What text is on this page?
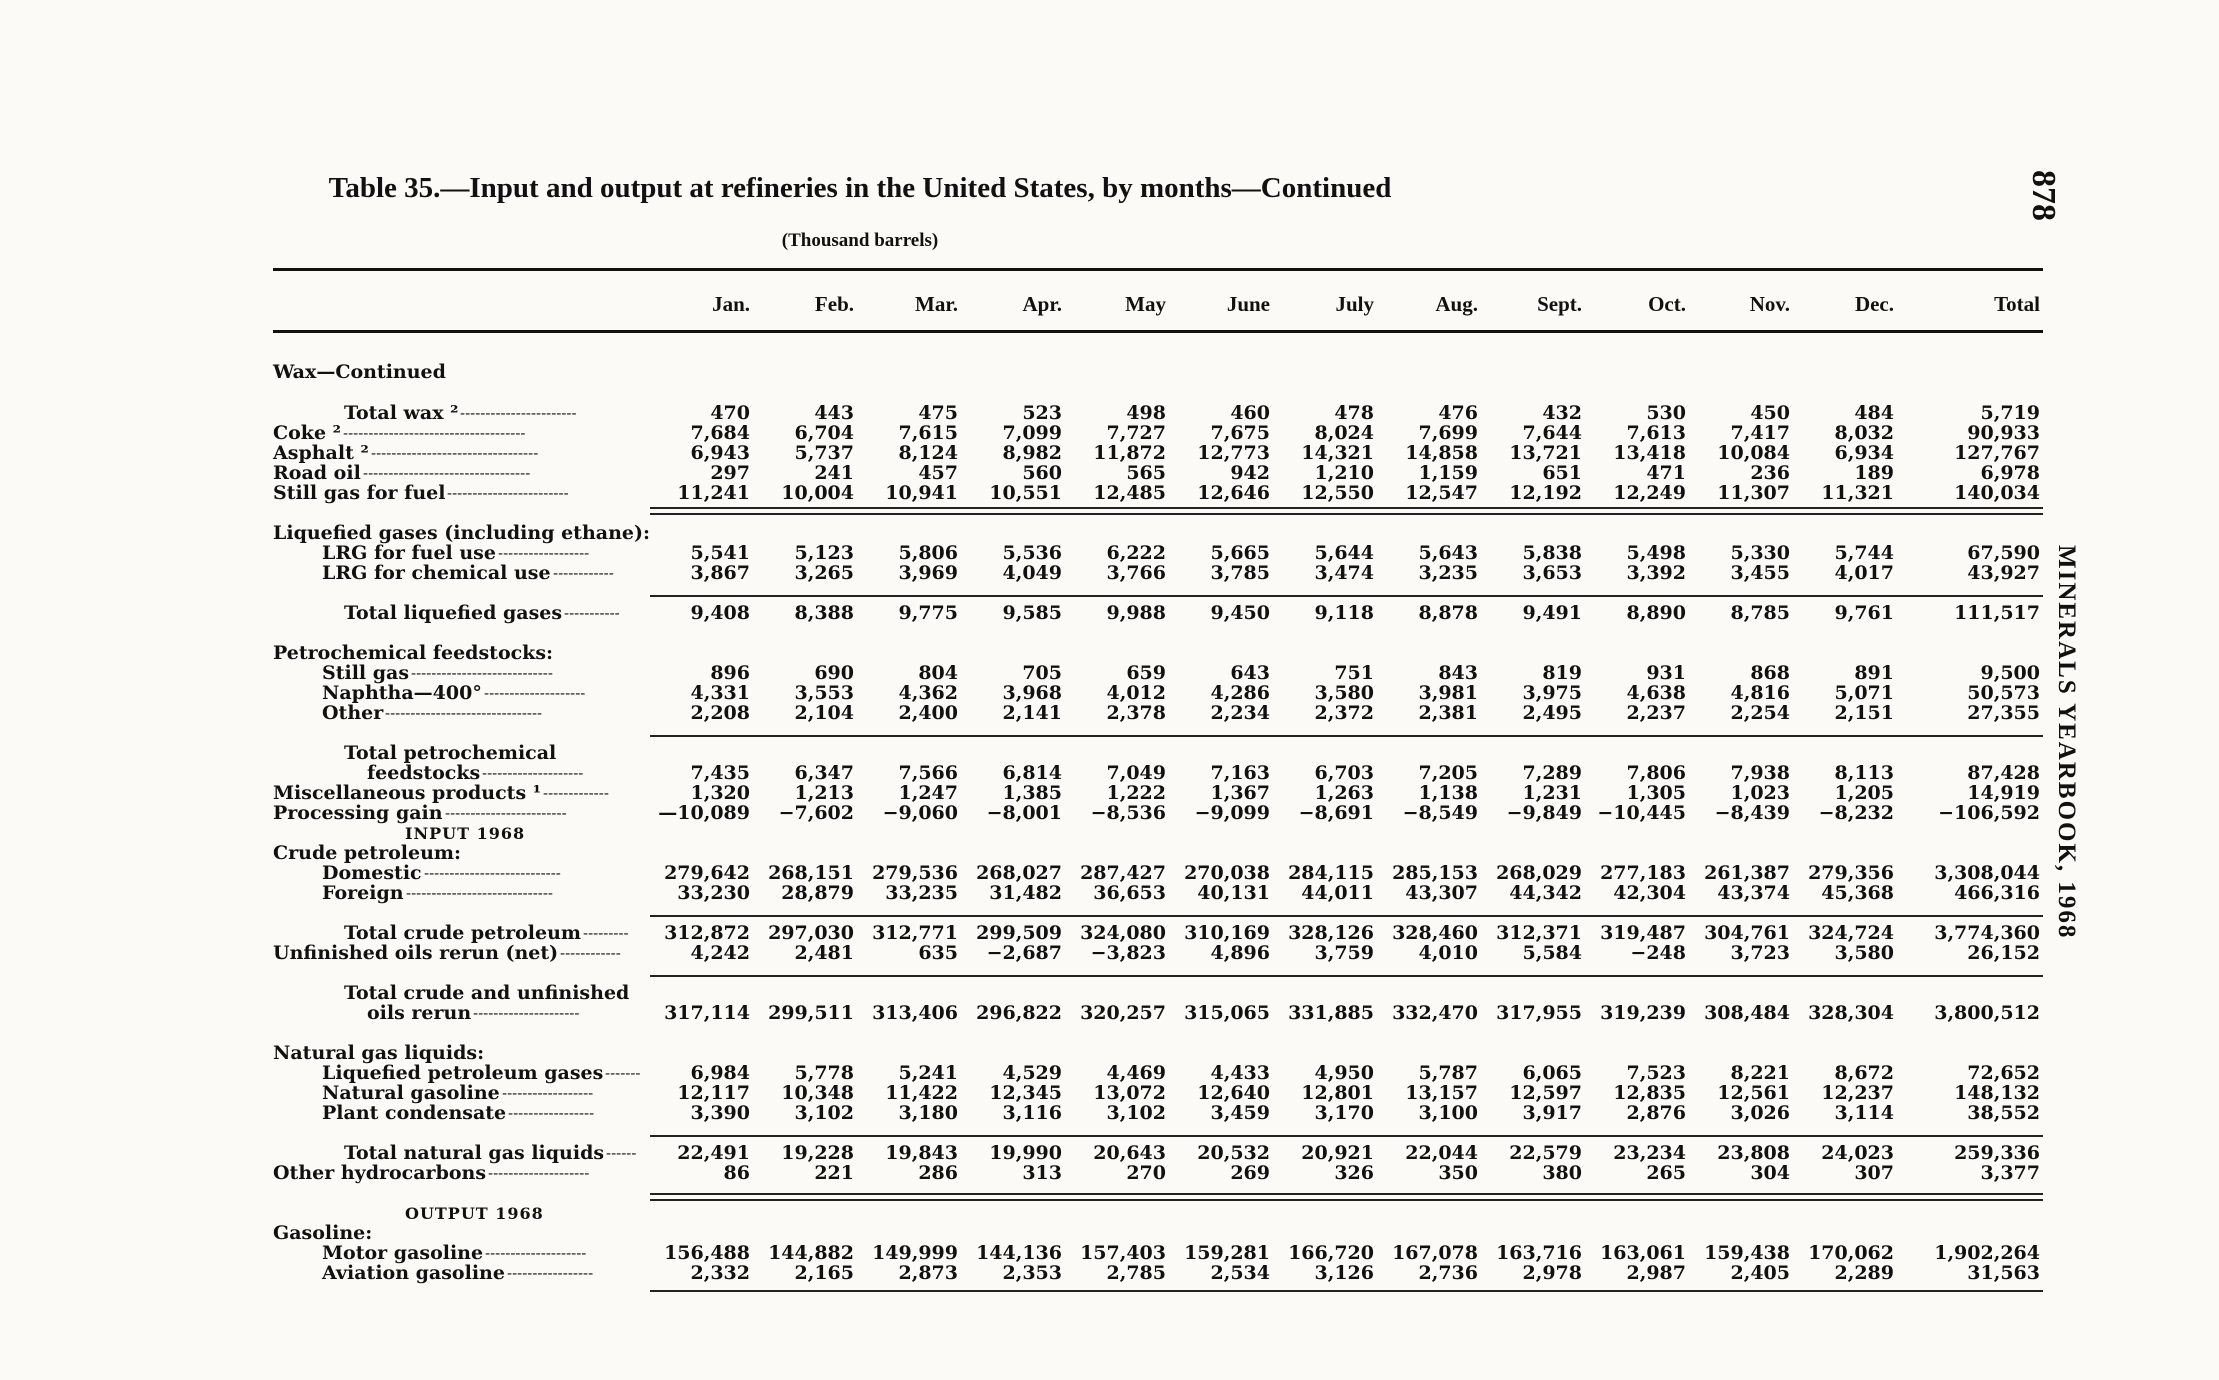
Table 35.—Input and output at refineries in the United States, by months—Continued
(Thousand barrels)
878
MINERALS YEARBOOK, 1968
Jan.	Feb.	Mar.	Apr.	May	June	July	Aug.	Sept.	Oct.	Nov.	Dec.	Total
Wax—Continued
Total wax ² -----------------------	470	443	475	523	498	460	478	476	432	530	450	484	5,719
Coke ² ------------------------------------	7,684	6,704	7,615	7,099	7,727	7,675	8,024	7,699	7,644	7,613	7,417	8,032	90,933
Asphalt ² ---------------------------------	6,943	5,737	8,124	8,982	11,872	12,773	14,321	14,858	13,721	13,418	10,084	6,934	127,767
Road oil ---------------------------------	297	241	457	560	565	942	1,210	1,159	651	471	236	189	6,978
Still gas for fuel ------------------------	11,241	10,004	10,941	10,551	12,485	12,646	12,550	12,547	12,192	12,249	11,307	11,321	140,034
Liquefied gases (including ethane):
LRG for fuel use ------------------	5,541	5,123	5,806	5,536	6,222	5,665	5,644	5,643	5,838	5,498	5,330	5,744	67,590
LRG for chemical use ------------	3,867	3,265	3,969	4,049	3,766	3,785	3,474	3,235	3,653	3,392	3,455	4,017	43,927
Total liquefied gases -----------	9,408	8,388	9,775	9,585	9,988	9,450	9,118	8,878	9,491	8,890	8,785	9,761	111,517
Petrochemical feedstocks:
Still gas ----------------------------	896	690	804	705	659	643	751	843	819	931	868	891	9,500
Naphtha—400° --------------------	4,331	3,553	4,362	3,968	4,012	4,286	3,580	3,981	3,975	4,638	4,816	5,071	50,573
Other -------------------------------	2,208	2,104	2,400	2,141	2,378	2,234	2,372	2,381	2,495	2,237	2,254	2,151	27,355
Total petrochemical
feedstocks --------------------	7,435	6,347	7,566	6,814	7,049	7,163	6,703	7,205	7,289	7,806	7,938	8,113	87,428
Miscellaneous products ¹ -------------	1,320	1,213	1,247	1,385	1,222	1,367	1,263	1,138	1,231	1,305	1,023	1,205	14,919
Processing gain ------------------------	—10,089	−7,602	−9,060	−8,001	−8,536	−9,099	−8,691	−8,549	−9,849 −10,445	−8,439	−8,232	−106,592
INPUT 1968
Crude petroleum:
Domestic ---------------------------	279,642 268,151 279,536 268,027 287,427 270,038 284,115 285,153 268,029 277,183 261,387 279,356	3,308,044
Foreign -----------------------------	33,230	28,879	33,235	31,482	36,653	40,131	44,011	43,307	44,342	42,304	43,374	45,368	466,316
Total crude petroleum ---------	312,872 297,030 312,771 299,509 324,080 310,169 328,126 328,460 312,371 319,487 304,761 324,724	3,774,360
Unfinished oils rerun (net) ------------	4,242	2,481	635	−2,687	−3,823	4,896	3,759	4,010	5,584	−248	3,723	3,580	26,152
Total crude and unfinished
oils rerun ---------------------	317,114 299,511 313,406 296,822 320,257 315,065 331,885 332,470 317,955 319,239 308,484 328,304	3,800,512
Natural gas liquids:
Liquefied petroleum gases -------	6,984	5,778	5,241	4,529	4,469	4,433	4,950	5,787	6,065	7,523	8,221	8,672	72,652
Natural gasoline ------------------	12,117	10,348	11,422	12,345	13,072	12,640	12,801	13,157	12,597	12,835	12,561	12,237	148,132
Plant condensate -----------------	3,390	3,102	3,180	3,116	3,102	3,459	3,170	3,100	3,917	2,876	3,026	3,114	38,552
Total natural gas liquids ------	22,491	19,228	19,843	19,990	20,643	20,532	20,921	22,044	22,579	23,234	23,808	24,023	259,336
Other hydrocarbons --------------------	86	221	286	313	270	269	326	350	380	265	304	307	3,377
OUTPUT 1968
Gasoline:
Motor gasoline --------------------	156,488 144,882 149,999 144,136 157,403 159,281 166,720 167,078 163,716 163,061 159,438 170,062	1,902,264
Aviation gasoline -----------------	2,332	2,165	2,873	2,353	2,785	2,534	3,126	2,736	2,978	2,987	2,405	2,289	31,563
